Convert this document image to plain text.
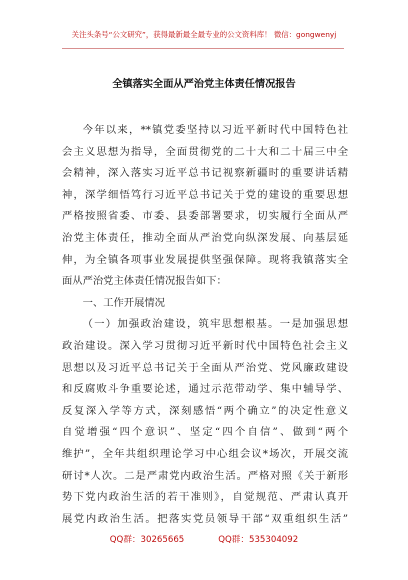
关注头条号“公文研究”，获得最新最全最专业的公文资料库！ 微信：gongwenyj
全镇落实全面从严治党主体责任情况报告
今年以来，**镇党委坚持以习近平新时代中国特色社
会主义思想为指导，全面贯彻党的二十大和二十届三中全
会精神，深入落实习近平总书记视察新疆时的重要讲话精
神，深学细悟笃行习近平总书记关于党的建设的重要思想
严格按照省委、市委、县委部署要求，切实履行全面从严
治党主体责任，推动全面从严治党向纵深发展、向基层延
伸，为全镇各项事业发展提供坚强保障。现将我镇落实全
面从严治党主体责任情况报告如下：
一、工作开展情况
（一）加强政治建设，筑牢思想根基。一是加强思想
政治建设。深入学习贯彻习近平新时代中国特色社会主义
思想以及习近平总书记关于全面从严治党、党风廉政建设
和反腐败斗争重要论述，通过示范带动学、集中辅导学、
反复深入学等方式，深刻感悟“两个确立”的决定性意义
自觉增强“四个意识”、坚定“四个自信”、做到“两个
维护”，全年共组织理论学习中心组会议*场次，开展交流
研讨*人次。二是严肃党内政治生活。严格对照《关于新形
势下党内政治生活的若干准则》，自觉规范、严肃认真开
展党内政治生活。把落实党员领导干部“双重组织生活”
QQ群：30265665	QQ群：535304092
